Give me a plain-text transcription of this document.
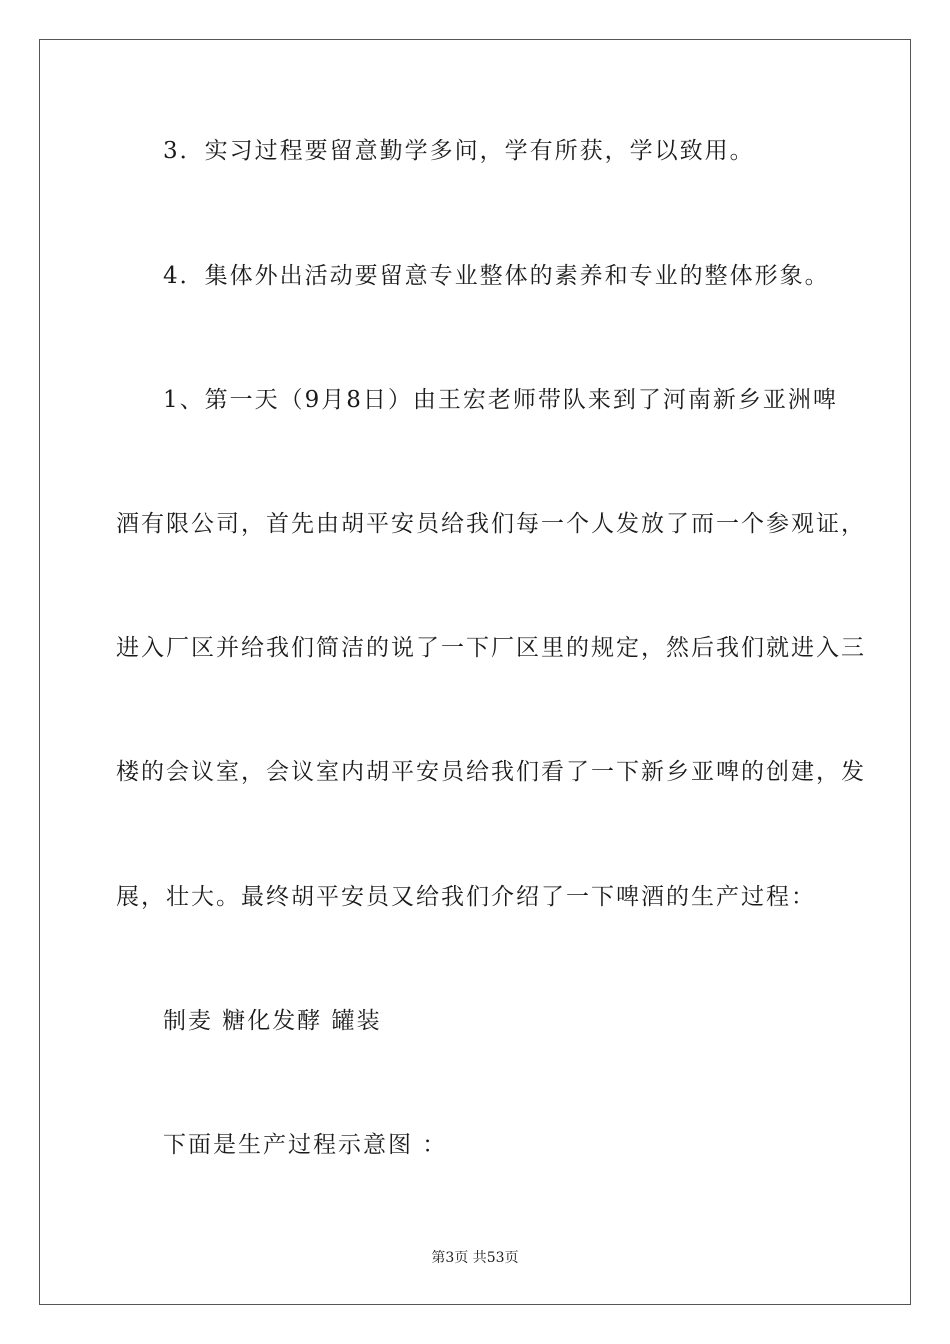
3．实习过程要留意勤学多问，学有所获，学以致用。

4．集体外出活动要留意专业整体的素养和专业的整体形象。

1、第一天（9月8日）由王宏老师带队来到了河南新乡亚洲啤

酒有限公司，首先由胡平安员给我们每一个人发放了而一个参观证，

进入厂区并给我们简洁的说了一下厂区里的规定，然后我们就进入三

楼的会议室，会议室内胡平安员给我们看了一下新乡亚啤的创建，发

展，壮大。最终胡平安员又给我们介绍了一下啤酒的生产过程：

制麦 糖化发酵 罐装

下面是生产过程示意图 ：

第3页 共53页
